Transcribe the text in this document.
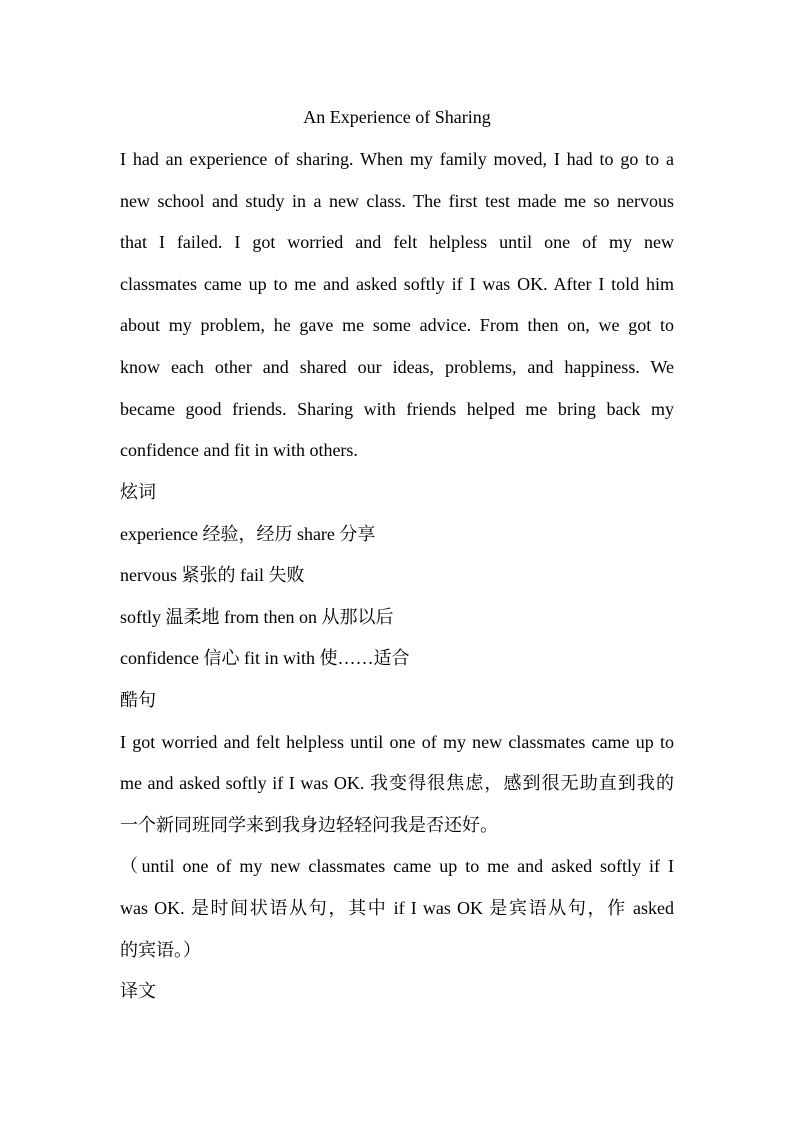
An Experience of Sharing
I had an experience of sharing. When my family moved, I had to go to a
new school and study in a new class. The first test made me so nervous
that I failed. I got worried and felt helpless until one of my new
classmates came up to me and asked softly if I was OK. After I told him
about my problem, he gave me some advice. From then on, we got to
know each other and shared our ideas, problems, and happiness. We
became good friends. Sharing with friends helped me bring back my
confidence and fit in with others.
炫词
experience 经验，经历 share 分享
nervous 紧张的 fail 失败
softly 温柔地 from then on 从那以后
confidence 信心 fit in with 使……适合
酷句
I got worried and felt helpless until one of my new classmates came up to
me and asked softly if I was OK. 我变得很焦虑，感到很无助直到我的
一个新同班同学来到我身边轻轻问我是否还好。
（until one of my new classmates came up to me and asked softly if I
was OK. 是时间状语从句，其中 if I was OK 是宾语从句，作 asked
的宾语。）
译文
